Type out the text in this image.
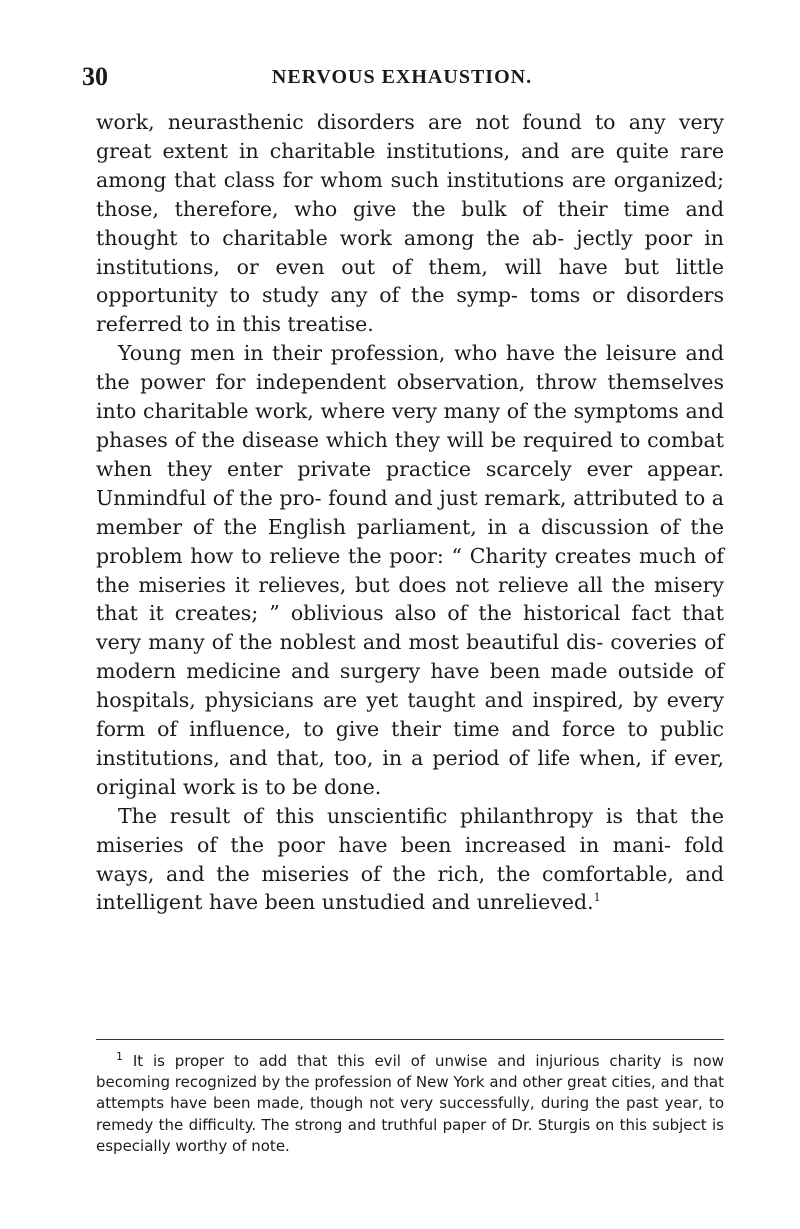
30	NERVOUS EXHAUSTION.

work, neurasthenic disorders are not found to any very great extent in charitable institutions, and are quite rare among that class for whom such institutions are organized; those, therefore, who give the bulk of their time and thought to charitable work among the ab- jectly poor in institutions, or even out of them, will have but little opportunity to study any of the symp- toms or disorders referred to in this treatise.

Young men in their profession, who have the leisure and the power for independent observation, throw themselves into charitable work, where very many of the symptoms and phases of the disease which they will be required to combat when they enter private practice scarcely ever appear. Unmindful of the pro- found and just remark, attributed to a member of the English parliament, in a discussion of the problem how to relieve the poor: “ Charity creates much of the miseries it relieves, but does not relieve all the misery that it creates; ” oblivious also of the historical fact that very many of the noblest and most beautiful dis- coveries of modern medicine and surgery have been made outside of hospitals, physicians are yet taught and inspired, by every form of influence, to give their time and force to public institutions, and that, too, in a period of life when, if ever, original work is to be done.

The result of this unscientific philanthropy is that the miseries of the poor have been increased in mani- fold ways, and the miseries of the rich, the comfortable, and intelligent have been unstudied and unrelieved.$^1$

$^1$ It is proper to add that this evil of unwise and injurious charity is now becoming recognized by the profession of New York and other great cities, and that attempts have been made, though not very successfully, during the past year, to remedy the difficulty. The strong and truthful paper of Dr. Sturgis on this subject is especially worthy of note.
